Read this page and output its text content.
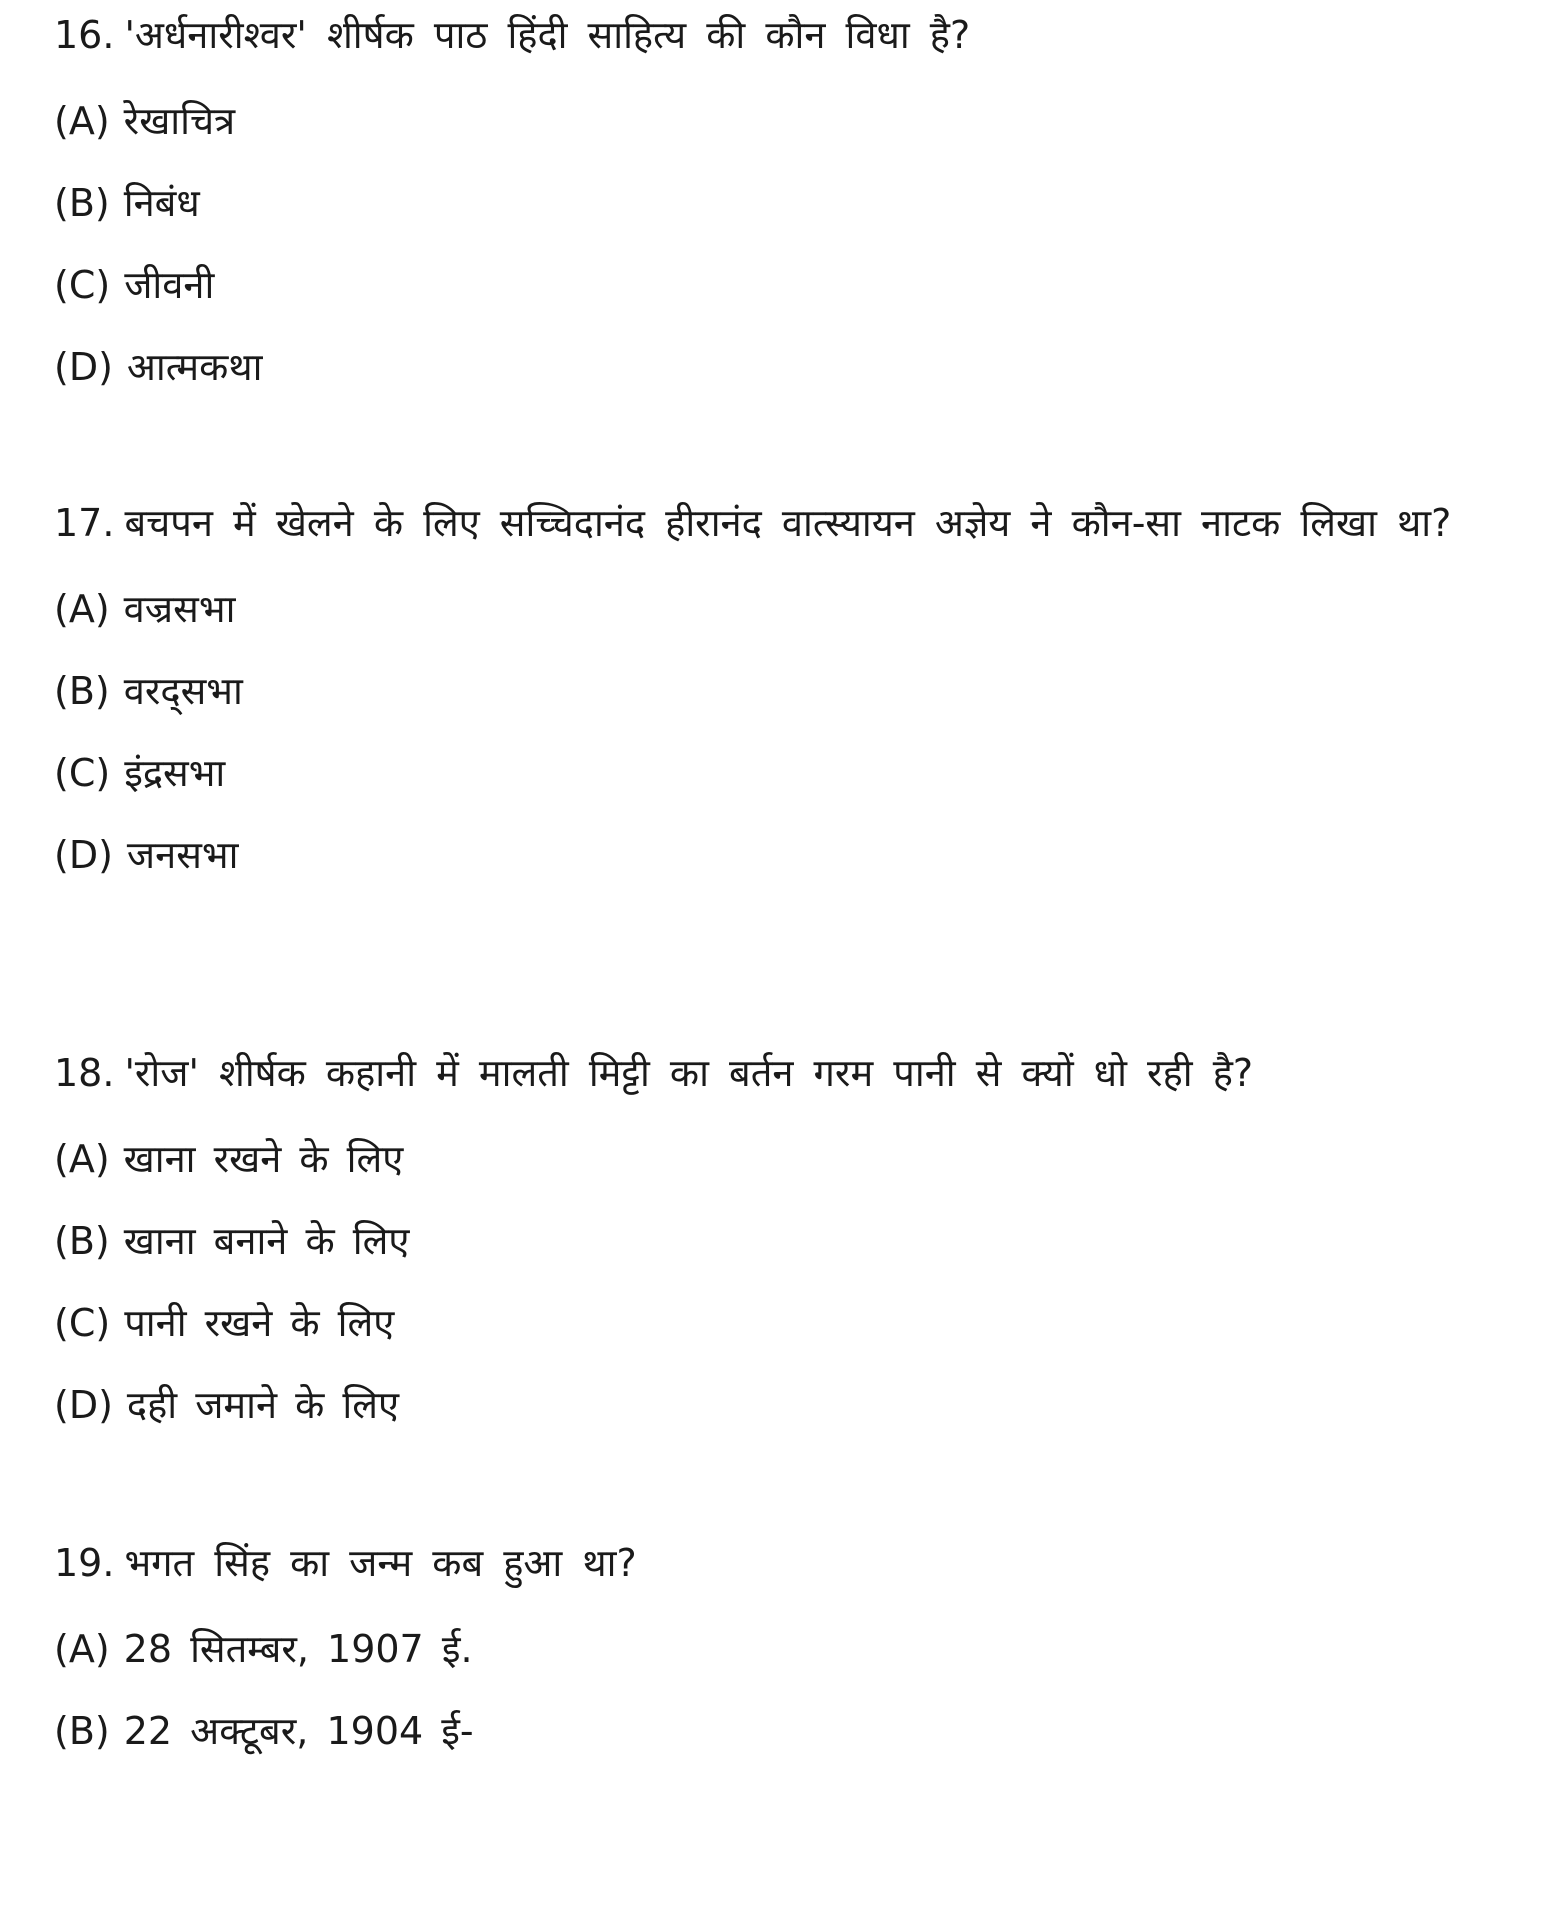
16. 'अर्धनारीश्वर' शीर्षक पाठ हिंदी साहित्य की कौन विधा है?

(A) रेखाचित्र
(B) निबंध
(C) जीवनी
(D) आत्मकथा

17. बचपन में खेलने के लिए सच्चिदानंद हीरानंद वात्स्यायन अज्ञेय ने कौन-सा नाटक लिखा था?

(A) वज्रसभा
(B) वरद्सभा
(C) इंद्रसभा
(D) जनसभा

18. 'रोज' शीर्षक कहानी में मालती मिट्टी का बर्तन गरम पानी से क्यों धो रही है?

(A) खाना रखने के लिए
(B) खाना बनाने के लिए
(C) पानी रखने के लिए
(D) दही जमाने के लिए

19. भगत सिंह का जन्म कब हुआ था?

(A) 28 सितम्बर, 1907 ई.
(B) 22 अक्टूबर, 1904 ई-
